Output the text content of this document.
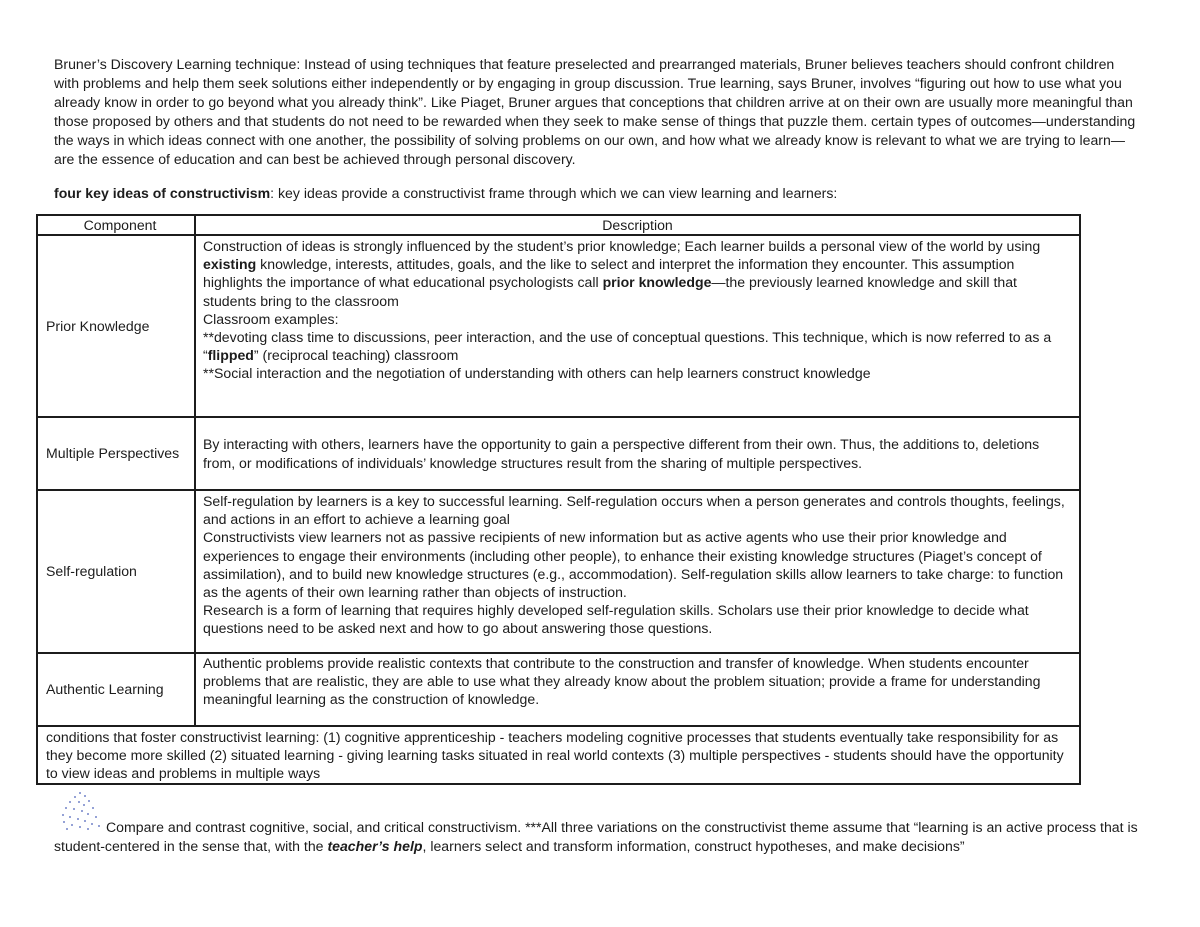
Bruner’s Discovery Learning technique: Instead of using techniques that feature preselected and prearranged materials, Bruner believes teachers should confront children with problems and help them seek solutions either independently or by engaging in group discussion. True learning, says Bruner, involves “figuring out how to use what you already know in order to go beyond what you already think”. Like Piaget, Bruner argues that conceptions that children arrive at on their own are usually more meaningful than those proposed by others and that students do not need to be rewarded when they seek to make sense of things that puzzle them. certain types of outcomes—understanding the ways in which ideas connect with one another, the possibility of solving problems on our own, and how what we already know is relevant to what we are trying to learn—are the essence of education and can best be achieved through personal discovery.

four key ideas of constructivism: key ideas provide a constructivist frame through which we can view learning and learners:

Component	Description
Prior Knowledge	Construction of ideas is strongly influenced by the student’s prior knowledge; Each learner builds a personal view of the world by using existing knowledge, interests, attitudes, goals, and the like to select and interpret the information they encounter. This assumption highlights the importance of what educational psychologists call prior knowledge—the previously learned knowledge and skill that students bring to the classroom
Classroom examples:
**devoting class time to discussions, peer interaction, and the use of conceptual questions. This technique, which is now referred to as a “flipped” (reciprocal teaching) classroom
**Social interaction and the negotiation of understanding with others can help learners construct knowledge

Multiple Perspectives	By interacting with others, learners have the opportunity to gain a perspective different from their own. Thus, the additions to, deletions from, or modifications of individuals’ knowledge structures result from the sharing of multiple perspectives.
Self-regulation	Self-regulation by learners is a key to successful learning. Self-regulation occurs when a person generates and controls thoughts, feelings, and actions in an effort to achieve a learning goal
Constructivists view learners not as passive recipients of new information but as active agents who use their prior knowledge and experiences to engage their environments (including other people), to enhance their existing knowledge structures (Piaget’s concept of assimilation), and to build new knowledge structures (e.g., accommodation). Self-regulation skills allow learners to take charge: to function as the agents of their own learning rather than objects of instruction.
Research is a form of learning that requires highly developed self-regulation skills. Scholars use their prior knowledge to decide what questions need to be asked next and how to go about answering those questions.

Authentic Learning	Authentic problems provide realistic contexts that contribute to the construction and transfer of knowledge. When students encounter problems that are realistic, they are able to use what they already know about the problem situation; provide a frame for understanding meaningful learning as the construction of knowledge.
conditions that foster constructivist learning: (1) cognitive apprenticeship - teachers modeling cognitive processes that students eventually take responsibility for as they become more skilled (2) situated learning - giving learning tasks situated in real world contexts (3) multiple perspectives - students should have the opportunity to view ideas and problems in multiple ways	

Compare and contrast cognitive, social, and critical constructivism. ***All three variations on the constructivist theme assume that “learning is an active process that is student-centered in the sense that, with the teacher’s help, learners select and transform information, construct hypotheses, and make decisions”
